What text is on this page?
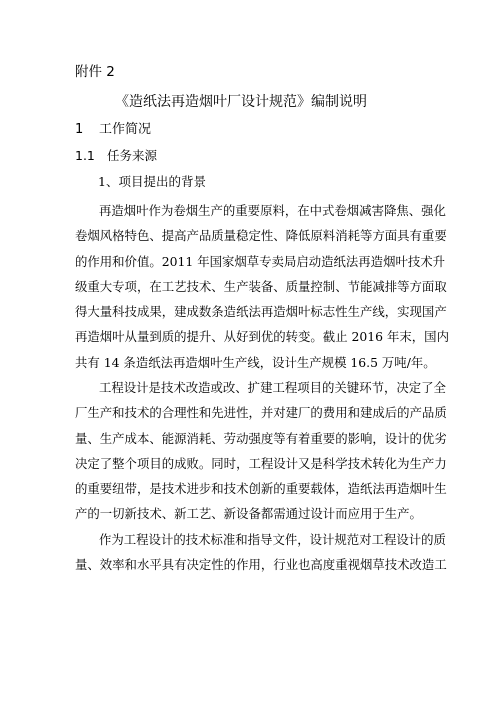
附件 2
《造纸法再造烟叶厂设计规范》编制说明
1 工作简况
1.1 任务来源
1、项目提出的背景
再造烟叶作为卷烟生产的重要原料，在中式卷烟减害降焦、强化
卷烟风格特色、提高产品质量稳定性、降低原料消耗等方面具有重要
的作用和价值。2011 年国家烟草专卖局启动造纸法再造烟叶技术升
级重大专项，在工艺技术、生产装备、质量控制、节能减排等方面取
得大量科技成果，建成数条造纸法再造烟叶标志性生产线，实现国产
再造烟叶从量到质的提升、从好到优的转变。截止 2016 年末，国内
共有 14 条造纸法再造烟叶生产线，设计生产规模 16.5 万吨/年。
工程设计是技术改造或改、扩建工程项目的关键环节，决定了全
厂生产和技术的合理性和先进性，并对建厂的费用和建成后的产品质
量、生产成本、能源消耗、劳动强度等有着重要的影响，设计的优劣
决定了整个项目的成败。同时，工程设计又是科学技术转化为生产力
的重要纽带，是技术进步和技术创新的重要载体，造纸法再造烟叶生
产的一切新技术、新工艺、新设备都需通过设计而应用于生产。
作为工程设计的技术标准和指导文件，设计规范对工程设计的质
量、效率和水平具有决定性的作用，行业也高度重视烟草技术改造工
